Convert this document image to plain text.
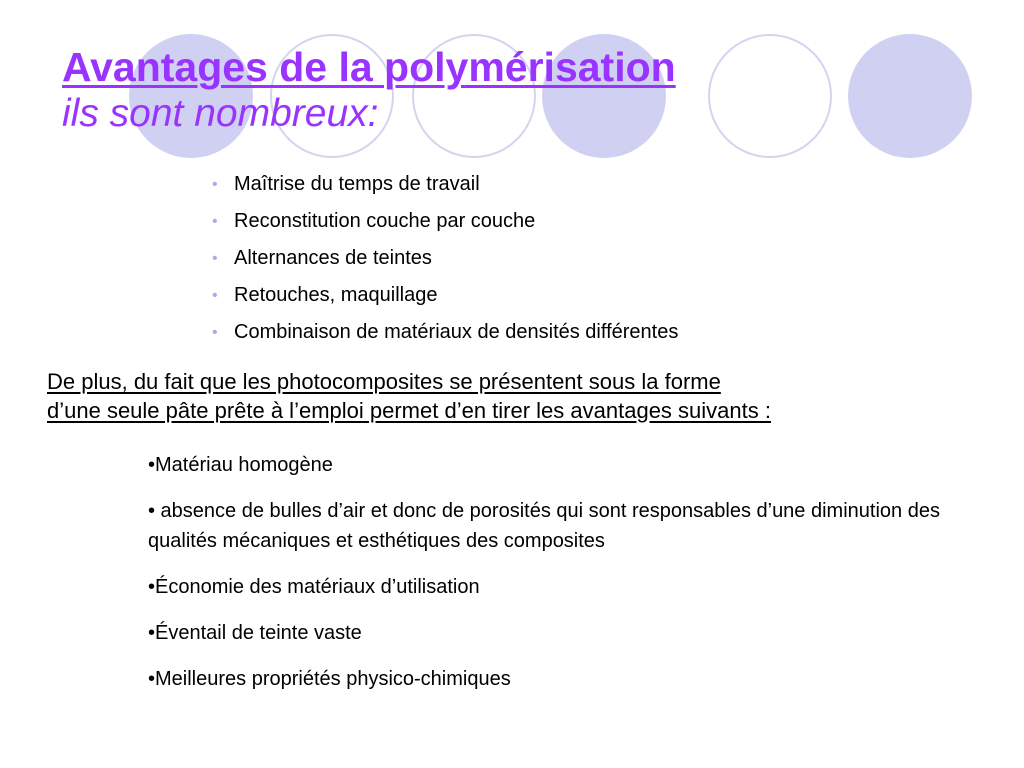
Avantages de la polymérisation
ils sont nombreux:
• Maîtrise du temps de travail
• Reconstitution couche par couche
• Alternances de teintes
• Retouches, maquillage
• Combinaison de matériaux de densités différentes
De plus, du fait que les photocomposites se présentent sous la forme
d’une seule pâte prête à l’emploi permet d’en tirer les avantages suivants :
•Matériau homogène
• absence de bulles d’air et donc de porosités qui sont responsables d’une diminution des qualités mécaniques et esthétiques des composites
•Économie des matériaux d’utilisation
•Éventail de teinte vaste
•Meilleures propriétés physico-chimiques
